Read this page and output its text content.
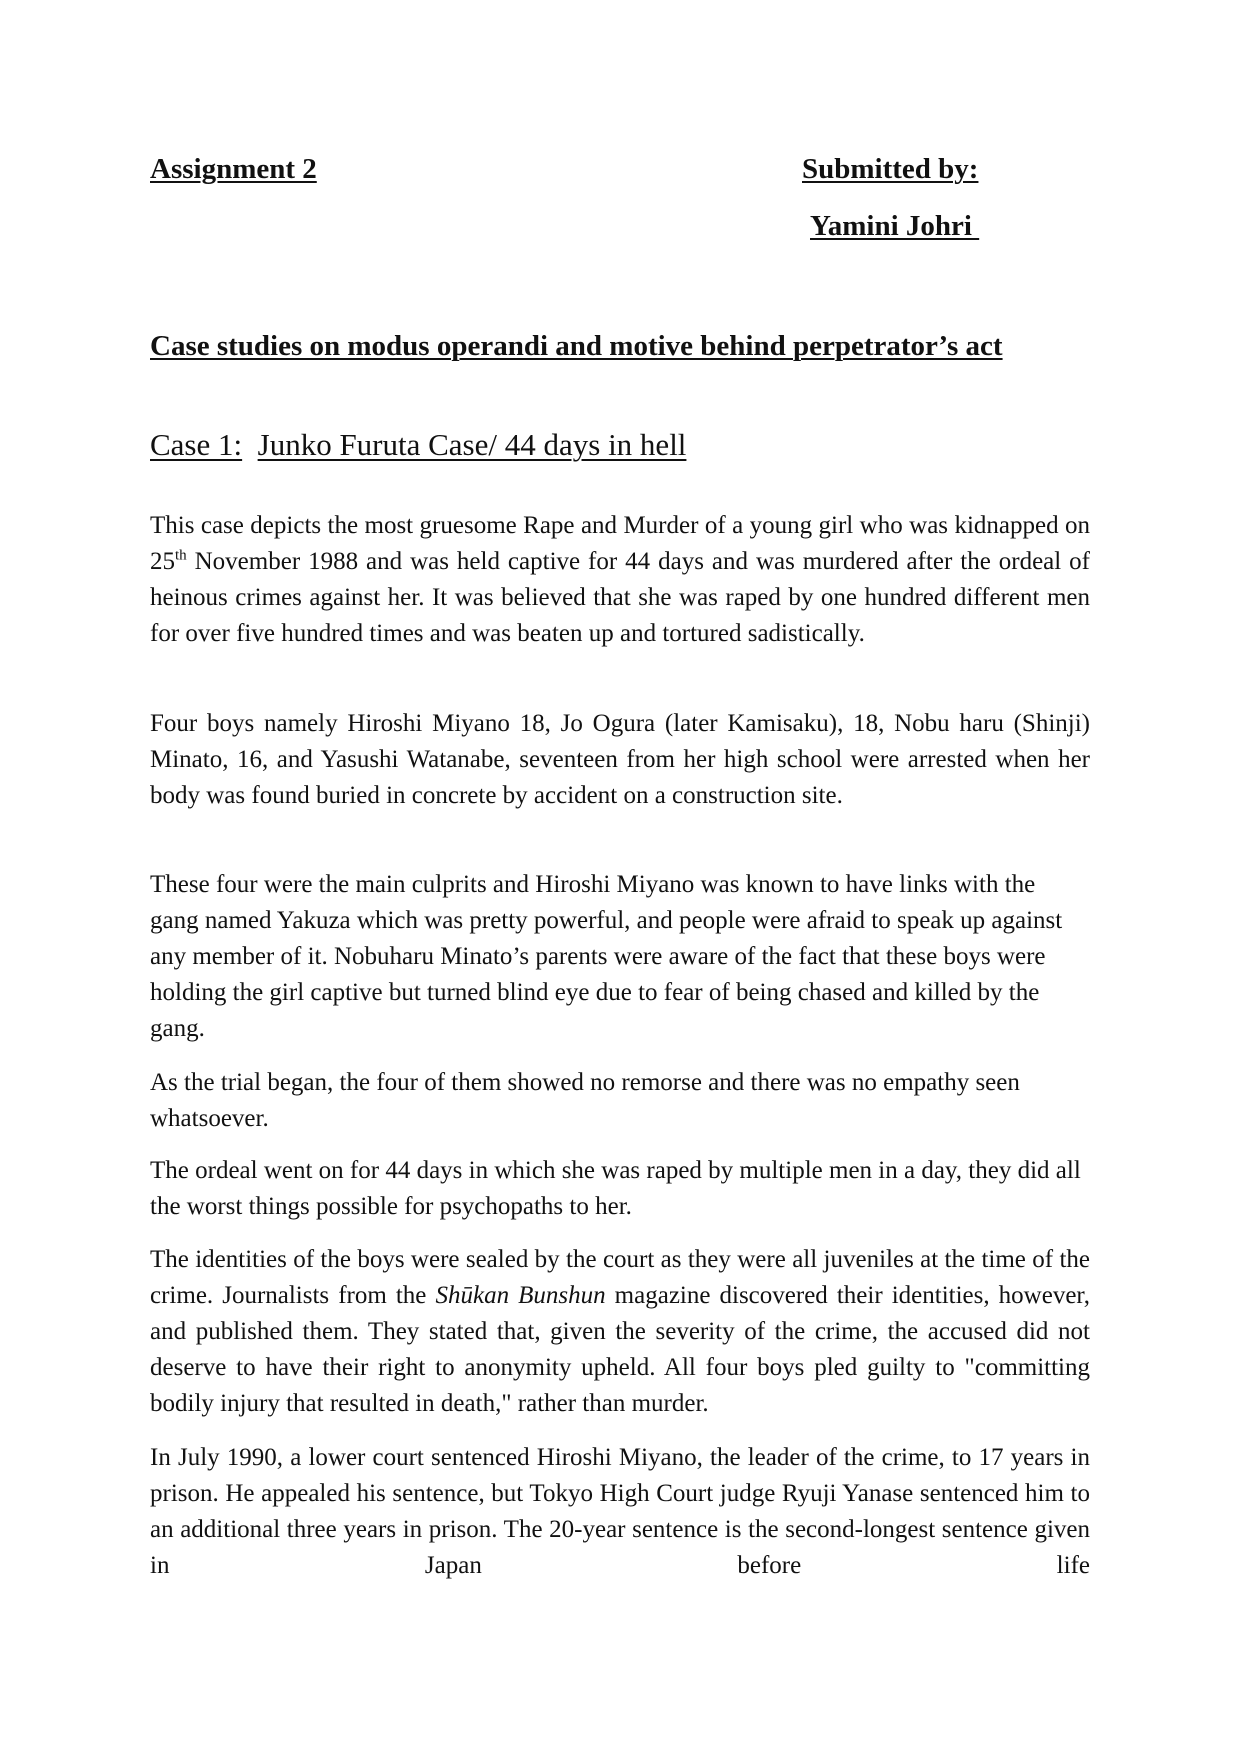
Assignment 2	Submitted by:
Yamini Johri
Case studies on modus operandi and motive behind perpetrator’s act
Case 1: Junko Furuta Case/ 44 days in hell

This case depicts the most gruesome Rape and Murder of a young girl who was kidnapped on 25th November 1988 and was held captive for 44 days and was murdered after the ordeal of heinous crimes against her. It was believed that she was raped by one hundred different men for over five hundred times and was beaten up and tortured sadistically.

Four boys namely Hiroshi Miyano 18, Jo Ogura (later Kamisaku), 18, Nobu haru (Shinji) Minato, 16, and Yasushi Watanabe, seventeen from her high school were arrested when her body was found buried in concrete by accident on a construction site.

These four were the main culprits and Hiroshi Miyano was known to have links with the gang named Yakuza which was pretty powerful, and people were afraid to speak up against any member of it. Nobuharu Minato’s parents were aware of the fact that these boys were holding the girl captive but turned blind eye due to fear of being chased and killed by the gang.

As the trial began, the four of them showed no remorse and there was no empathy seen whatsoever.

The ordeal went on for 44 days in which she was raped by multiple men in a day, they did all the worst things possible for psychopaths to her.

The identities of the boys were sealed by the court as they were all juveniles at the time of the crime. Journalists from the Shūkan Bunshun magazine discovered their identities, however, and published them. They stated that, given the severity of the crime, the accused did not deserve to have their right to anonymity upheld. All four boys pled guilty to "committing bodily injury that resulted in death," rather than murder.

In July 1990, a lower court sentenced Hiroshi Miyano, the leader of the crime, to 17 years in prison. He appealed his sentence, but Tokyo High Court judge Ryuji Yanase sentenced him to an additional three years in prison. The 20-year sentence is the second-longest sentence given in Japan before life
